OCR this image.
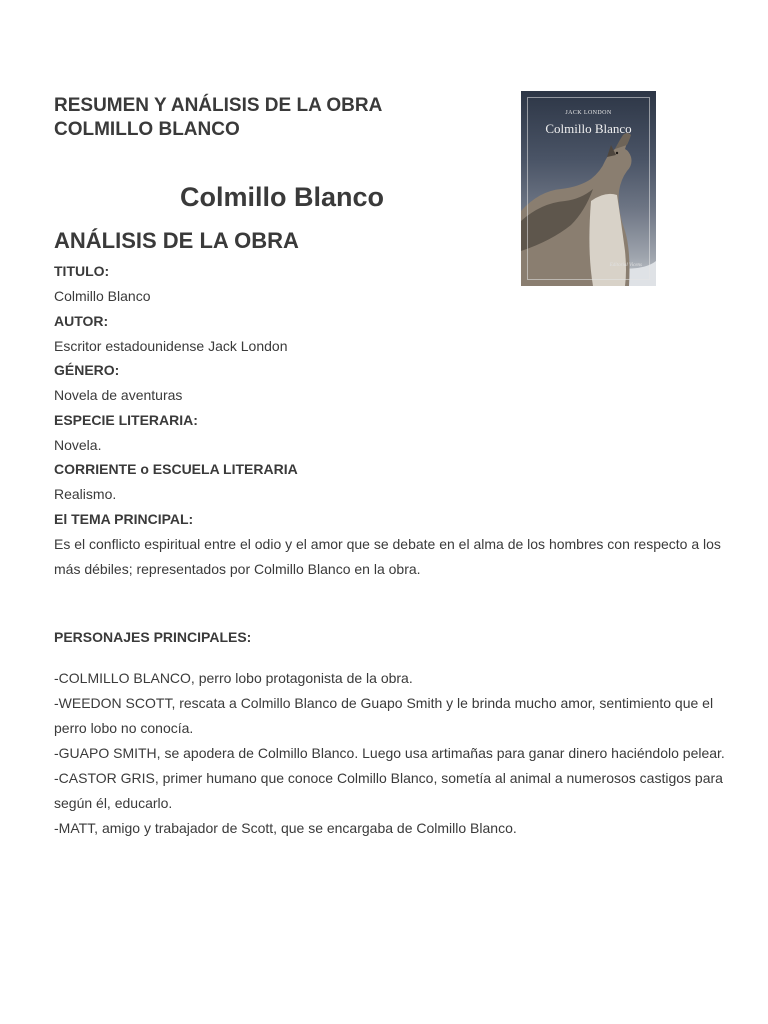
RESUMEN Y ANÁLISIS DE LA OBRA
COLMILLO BLANCO
JACK LONDON
Colmillo Blanco
Editorial Vicens
Colmillo Blanco
ANÁLISIS DE LA OBRA
TITULO:
Colmillo Blanco
AUTOR:
Escritor estadounidense Jack London
GÉNERO:
Novela de aventuras
ESPECIE LITERARIA:
Novela.
CORRIENTE o ESCUELA LITERARIA
Realismo.
El TEMA PRINCIPAL:
Es el conflicto espiritual entre el odio y el amor que se debate en el alma de los hombres con respecto a los más débiles; representados por Colmillo Blanco en la obra.
PERSONAJES PRINCIPALES:
-COLMILLO BLANCO, perro lobo protagonista de la obra.
-WEEDON SCOTT, rescata a Colmillo Blanco de Guapo Smith y le brinda mucho amor, sentimiento que el perro lobo no conocía.
-GUAPO SMITH, se apodera de Colmillo Blanco. Luego usa artimañas para ganar dinero haciéndolo pelear.
-CASTOR GRIS, primer humano que conoce Colmillo Blanco, sometía al animal a numerosos castigos para según él, educarlo.
-MATT, amigo y trabajador de Scott, que se encargaba de Colmillo Blanco.
